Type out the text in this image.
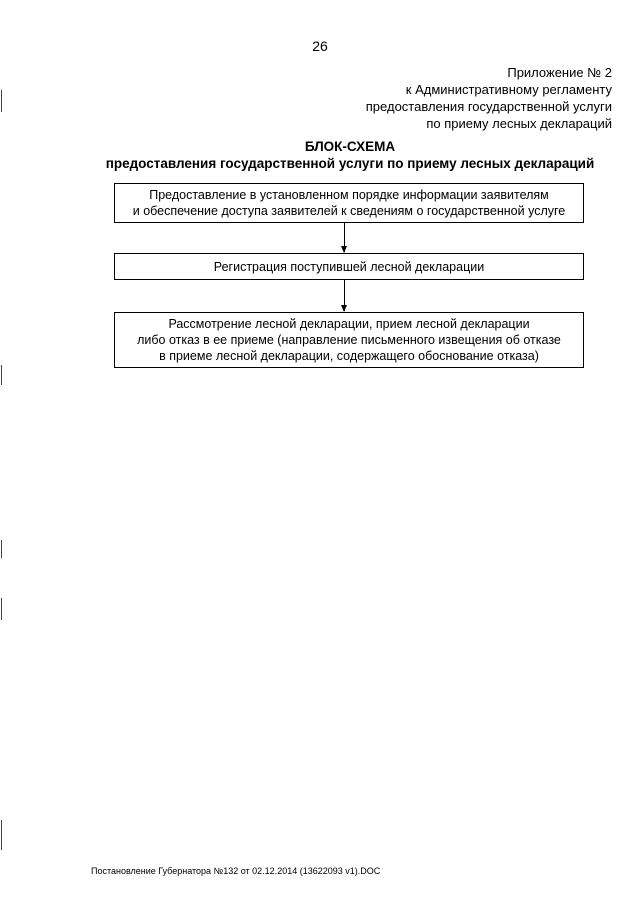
26
Приложение № 2
к Административному регламенту
предоставления государственной услуги
по приему лесных деклараций
БЛОК-СХЕМА
предоставления государственной услуги по приему лесных деклараций
Предоставление в установленном порядке информации заявителям
и обеспечение доступа заявителей к сведениям о государственной услуге
Регистрация поступившей лесной декларации
Рассмотрение лесной декларации, прием лесной декларации
либо отказ в ее приеме (направление письменного извещения об отказе
в приеме лесной декларации, содержащего обоснование отказа)
Постановление Губернатора №132 от 02.12.2014 (13622093 v1).DOC
